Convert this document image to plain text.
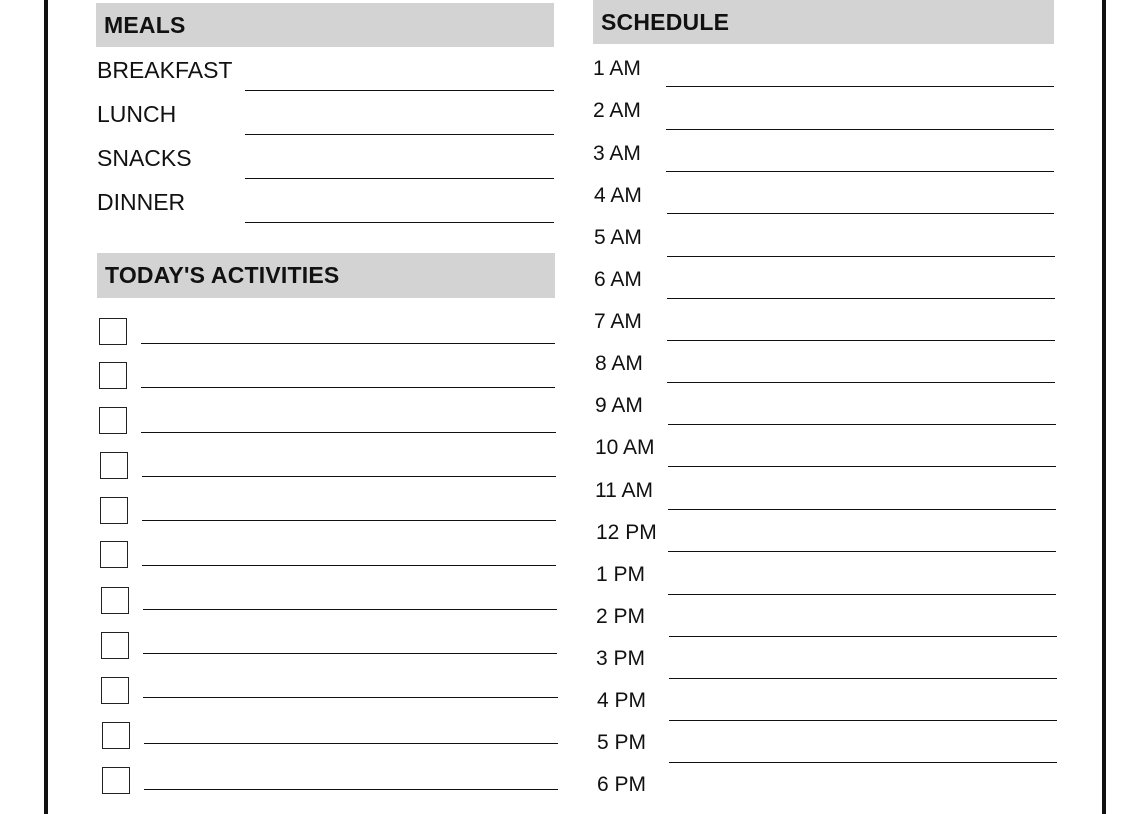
MEALS
BREAKFAST
LUNCH
SNACKS
DINNER
TODAY'S ACTIVITIES
SCHEDULE
1 AM
2 AM
3 AM
4 AM
5 AM
6 AM
7 AM
8 AM
9 AM
10 AM
11 AM
12 PM
1 PM
2 PM
3 PM
4 PM
5 PM
6 PM
